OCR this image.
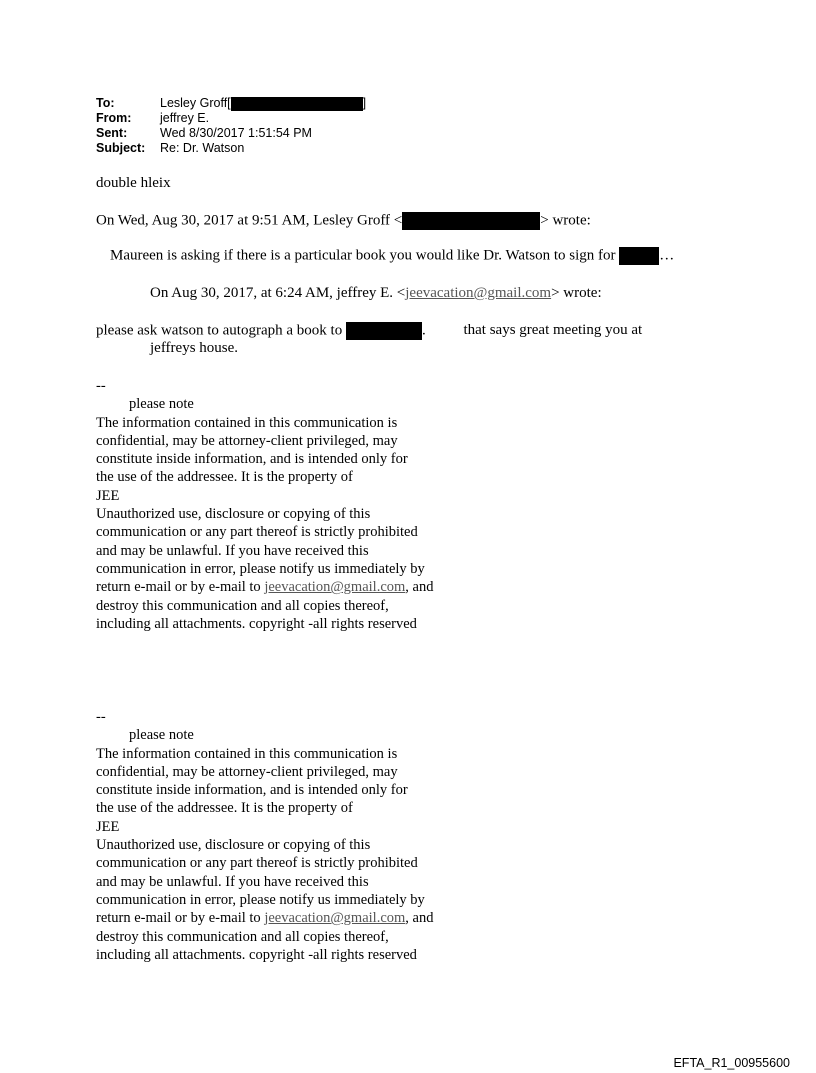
To:	Lesley Groff[	]
From: jeffrey E.
Sent:	Wed 8/30/2017 1:51:54 PM
Subject: Re: Dr. Watson
double hleix
On Wed, Aug 30, 2017 at 9:51 AM, Lesley Groff <	> wrote:
Maureen is asking if there is a particular book you would like Dr. Watson to sign for	…
On Aug 30, 2017, at 6:24 AM, jeffrey E. <jeevacation@gmail.com> wrote:
please ask watson to autograph a book to	.	that says great meeting you at
jeffreys house.
--
please note
The information contained in this communication is
confidential, may be attorney-client privileged, may
constitute inside information, and is intended only for
the use of the addressee. It is the property of
JEE
Unauthorized use, disclosure or copying of this
communication or any part thereof is strictly prohibited
and may be unlawful. If you have received this
communication in error, please notify us immediately by
return e-mail or by e-mail to jeevacation@gmail.com, and
destroy this communication and all copies thereof,
including all attachments. copyright -all rights reserved
--
please note
The information contained in this communication is
confidential, may be attorney-client privileged, may
constitute inside information, and is intended only for
the use of the addressee. It is the property of
JEE
Unauthorized use, disclosure or copying of this
communication or any part thereof is strictly prohibited
and may be unlawful. If you have received this
communication in error, please notify us immediately by
return e-mail or by e-mail to jeevacation@gmail.com, and
destroy this communication and all copies thereof,
including all attachments. copyright -all rights reserved
EFTA_R1_00955600
